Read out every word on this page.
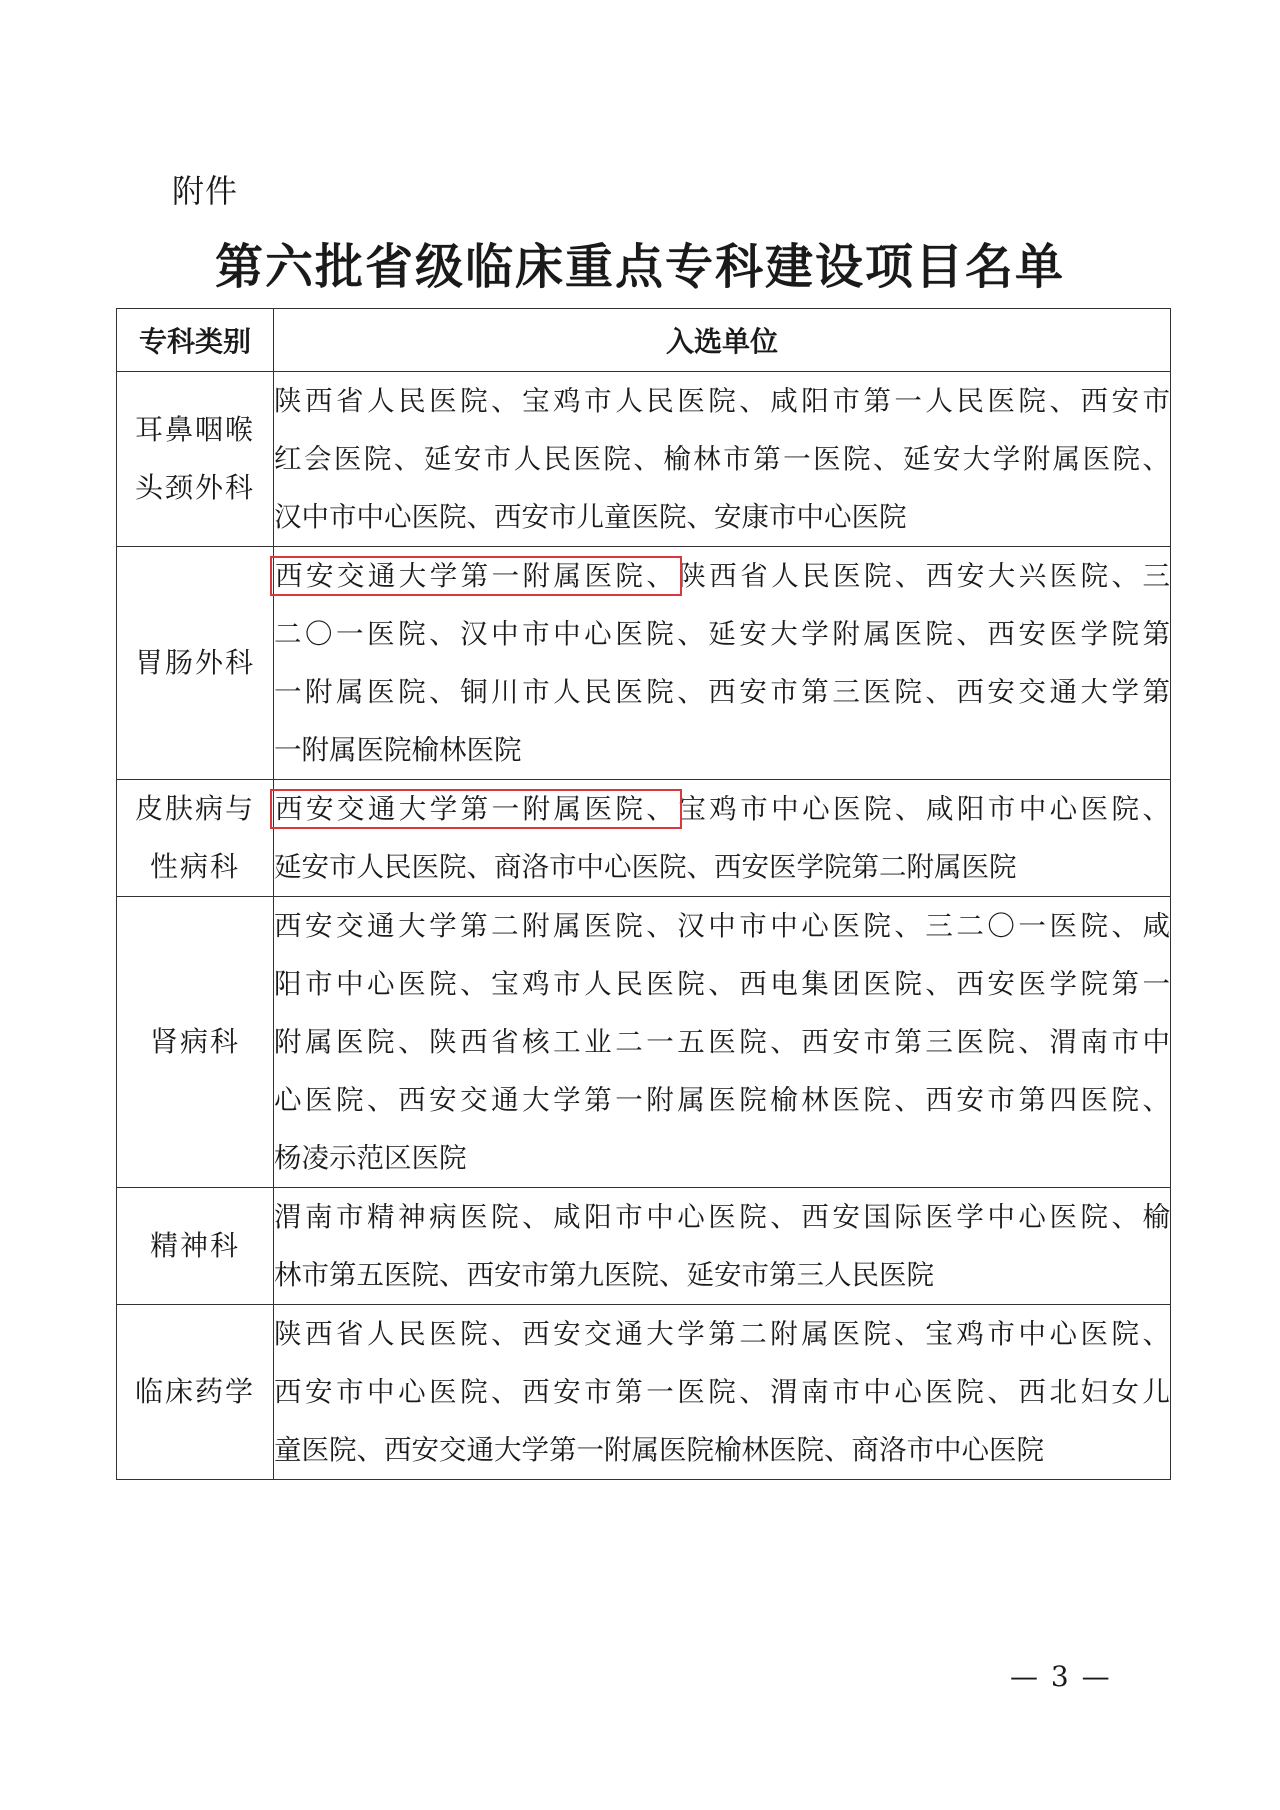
附件
第六批省级临床重点专科建设项目名单
专科类别	入选单位

耳鼻咽喉
头颈外科	陕西省人民医院、宝鸡市人民医院、咸阳市第一人民医院、西安市
红会医院、延安市人民医院、榆林市第一医院、延安大学附属医院、
汉中市中心医院、西安市儿童医院、安康市中心医院

胃肠外科	西安交通大学第一附属医院、陕西省人民医院、西安大兴医院、三
二〇一医院、汉中市中心医院、延安大学附属医院、西安医学院第
一附属医院、铜川市人民医院、西安市第三医院、西安交通大学第
一附属医院榆林医院

皮肤病与
性病科	西安交通大学第一附属医院、宝鸡市中心医院、咸阳市中心医院、
延安市人民医院、商洛市中心医院、西安医学院第二附属医院

肾病科	西安交通大学第二附属医院、汉中市中心医院、三二〇一医院、咸
阳市中心医院、宝鸡市人民医院、西电集团医院、西安医学院第一
附属医院、陕西省核工业二一五医院、西安市第三医院、渭南市中
心医院、西安交通大学第一附属医院榆林医院、西安市第四医院、
杨凌示范区医院

精神科	渭南市精神病医院、咸阳市中心医院、西安国际医学中心医院、榆
林市第五医院、西安市第九医院、延安市第三人民医院

临床药学	陕西省人民医院、西安交通大学第二附属医院、宝鸡市中心医院、
西安市中心医院、西安市第一医院、渭南市中心医院、西北妇女儿
童医院、西安交通大学第一附属医院榆林医院、商洛市中心医院
— 3 —
